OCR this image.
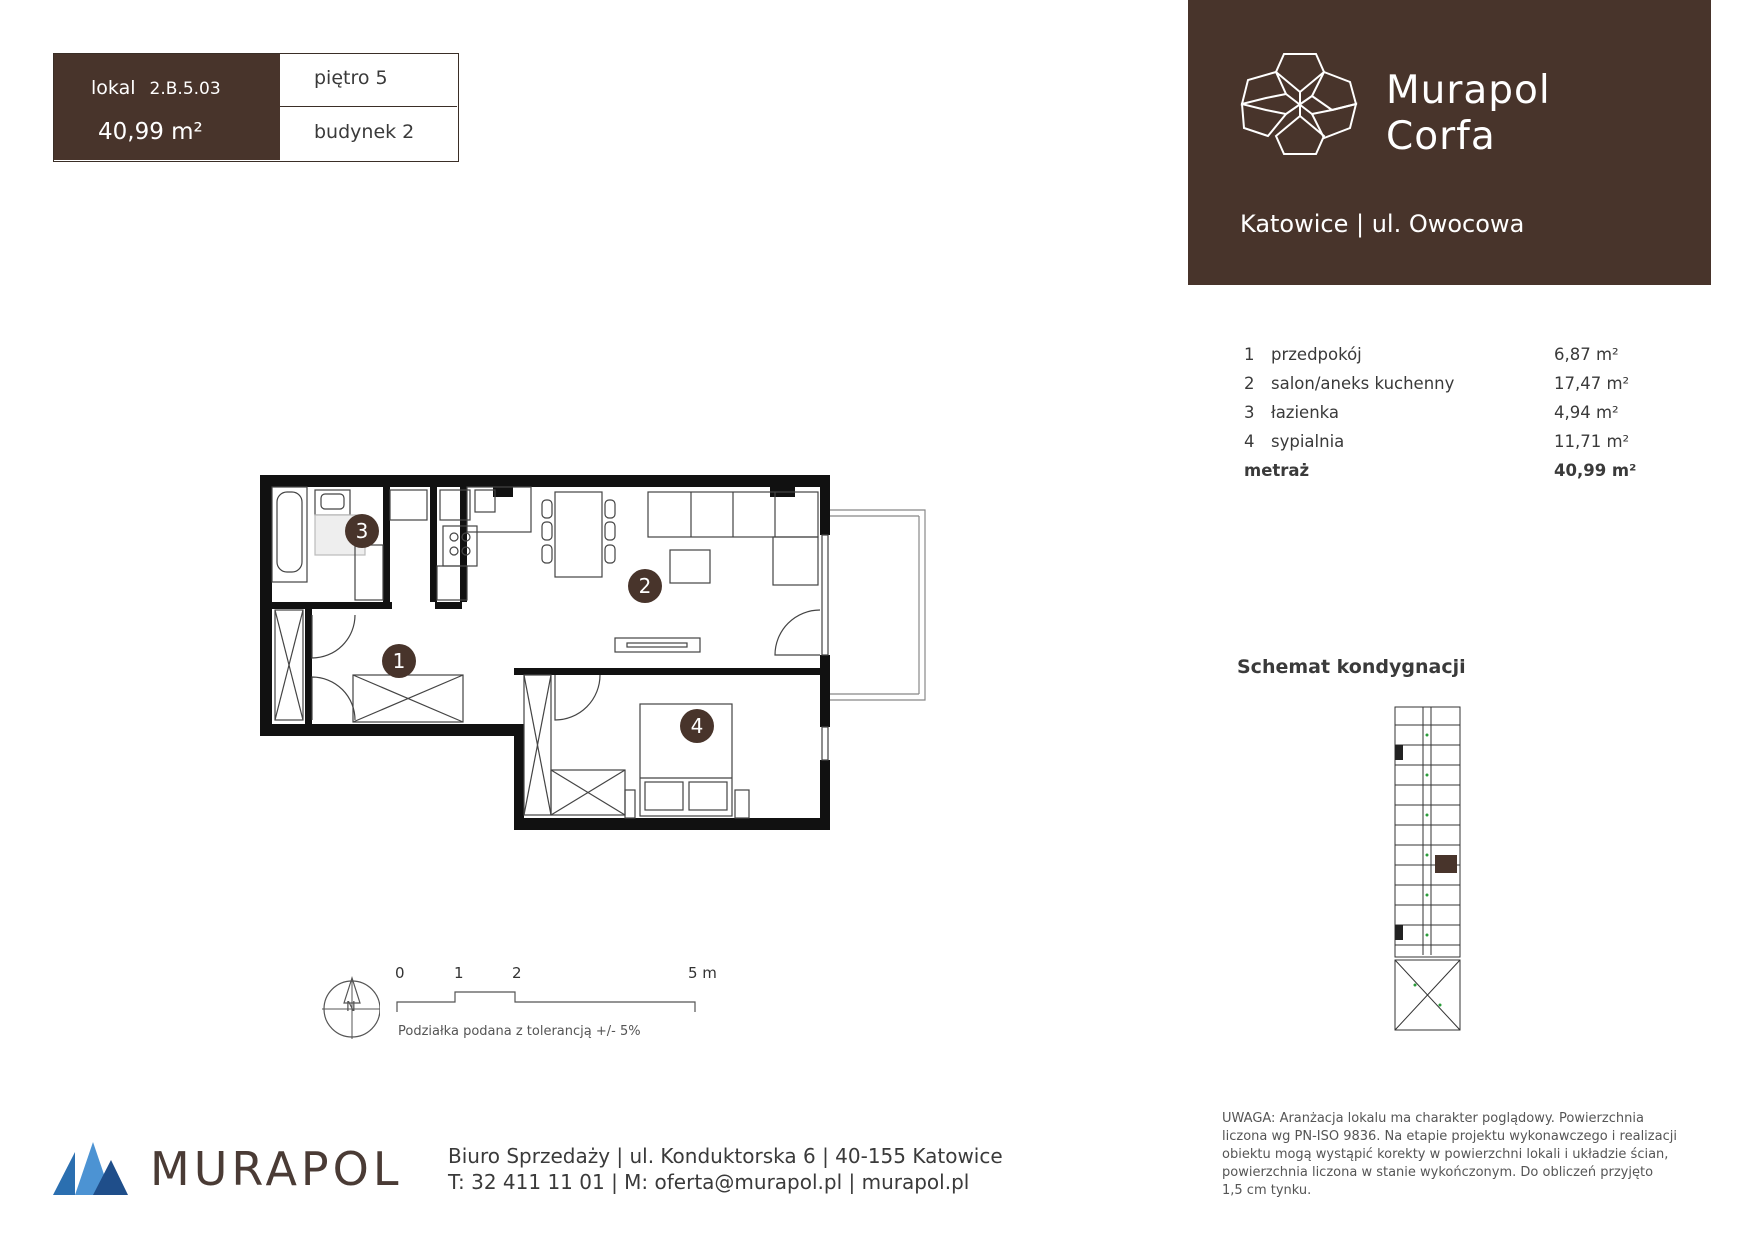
lokal 2.B.5.03
40,99 m²
piętro 5
budynek 2
Murapol
Corfa
Katowice | ul. Owocowa
1 przedpokój	6,87 m²
2 salon/aneks kuchenny	17,47 m²
3 łazienka	4,94 m²
4 sypialnia	11,71 m²
metraż	40,99 m²
3
2
1
4
N
0	1	2	5 m
Podziałka podana z tolerancją +/- 5%
Schemat kondygnacji
MURAPOL Biuro Sprzedaży | ul. Konduktorska 6 | 40-155 Katowice
T: 32 411 11 01 | M: oferta@murapol.pl | murapol.pl
UWAGA: Aranżacja lokalu ma charakter poglądowy. Powierzchnia
liczona wg PN-ISO 9836. Na etapie projektu wykonawczego i realizacji
obiektu mogą wystąpić korekty w powierzchni lokali i układzie ścian,
powierzchnia liczona w stanie wykończonym. Do obliczeń przyjęto
1,5 cm tynku.
